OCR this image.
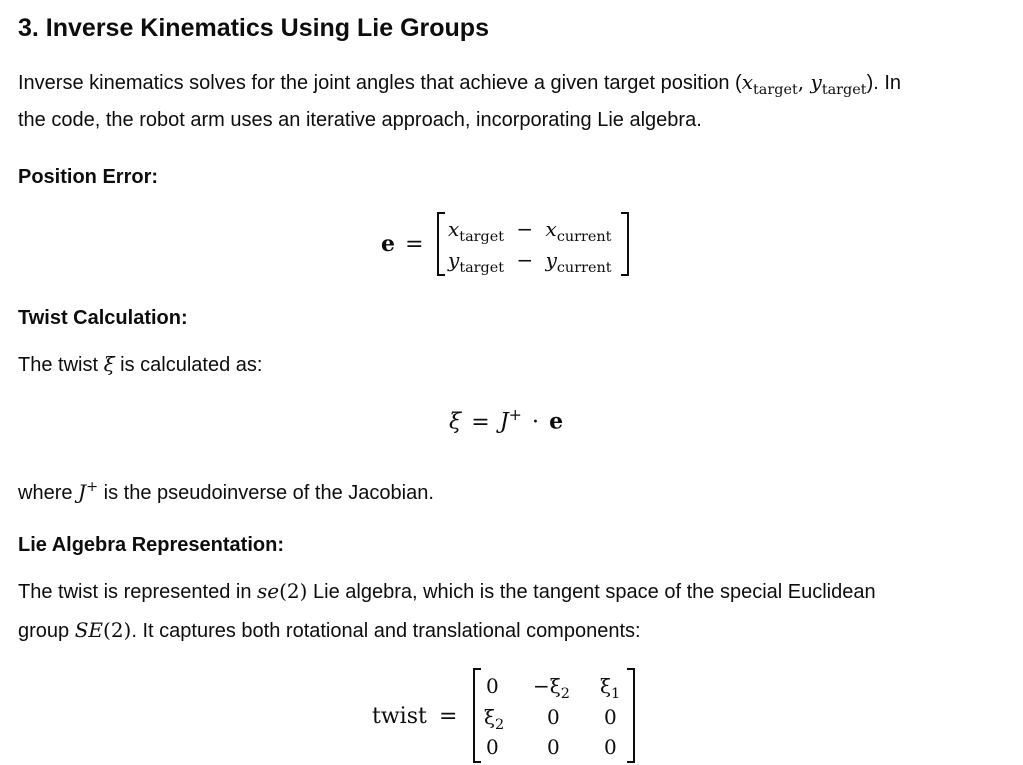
3. Inverse Kinematics Using Lie Groups
Inverse kinematics solves for the joint angles that achieve a given target position ($x_{target}$, $y_{target}$). In
the code, the robot arm uses an iterative approach, incorporating Lie algebra.
Position Error:
e =
$x_{target} - x_{current}$
$y_{target} - y_{current}$
Twist Calculation:
The twist ξ is calculated as:
ξ = J+ · e
where J+ is the pseudoinverse of the Jacobian.
Lie Algebra Representation:
The twist is represented in se(2) Lie algebra, which is the tangent space of the special Euclidean
group SE(2). It captures both rotational and translational components:
twist =
$0 -\xi_2$ $\xi_1$
$\xi_2$ 0 0
0 0 0
